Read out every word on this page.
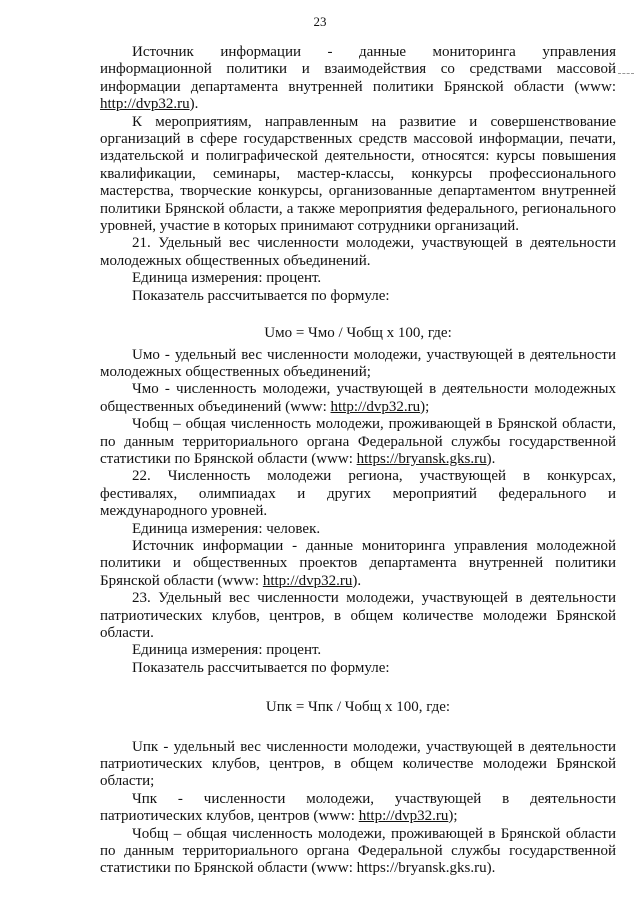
23

Источник информации - данные мониторинга управления информационной политики и взаимодействия со средствами массовой информации департамента внутренней политики Брянской области (www: http://dvp32.ru).

К мероприятиям, направленным на развитие и совершенствование организаций в сфере государственных средств массовой информации, печати, издательской и полиграфической деятельности, относятся: курсы повышения квалификации, семинары, мастер-классы, конкурсы профессионального мастерства, творческие конкурсы, организованные департаментом внутренней политики Брянской области, а также мероприятия федерального, регионального уровней, участие в которых принимают сотрудники организаций.

21. Удельный вес численности молодежи, участвующей в деятельности молодежных общественных объединений.

Единица измерения: процент.

Показатель рассчитывается по формуле:

Uмо = Чмо / Чобщ x 100, где:

Uмо - удельный вес численности молодежи, участвующей в деятельности молодежных общественных объединений;

Чмо - численность молодежи, участвующей в деятельности молодежных общественных объединений (www: http://dvp32.ru);

Чобщ – общая численность молодежи, проживающей в Брянской области, по данным территориального органа Федеральной службы государственной статистики по Брянской области (www: https://bryansk.gks.ru).

22. Численность молодежи региона, участвующей в конкурсах, фестивалях, олимпиадах и других мероприятий федерального и международного уровней.

Единица измерения: человек.

Источник информации - данные мониторинга управления молодежной политики и общественных проектов департамента внутренней политики Брянской области (www: http://dvp32.ru).

23. Удельный вес численности молодежи, участвующей в деятельности патриотических клубов, центров, в общем количестве молодежи Брянской области.

Единица измерения: процент.

Показатель рассчитывается по формуле:

Uпк = Чпк / Чобщ x 100, где:

Uпк - удельный вес численности молодежи, участвующей в деятельности патриотических клубов, центров, в общем количестве молодежи Брянской области;

Чпк - численности молодежи, участвующей в деятельности патриотических клубов, центров (www: http://dvp32.ru);

Чобщ – общая численность молодежи, проживающей в Брянской области по данным территориального органа Федеральной службы государственной статистики по Брянской области (www: https://bryansk.gks.ru).
